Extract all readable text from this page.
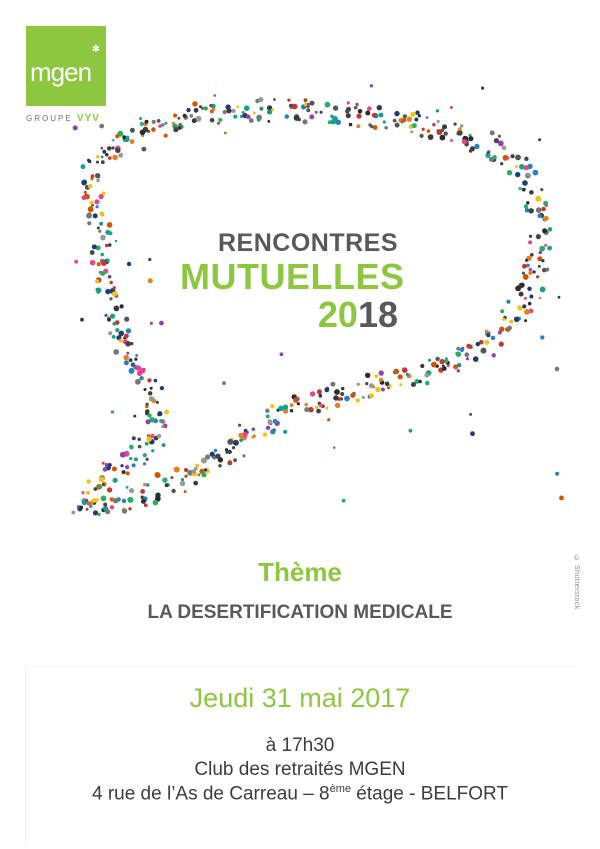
mgen
✱
GROUPE VYV
RENCONTRES
MUTUELLES
2018
© Shutterstock
Thème
LA DESERTIFICATION MEDICALE
Jeudi 31 mai 2017
à 17h30
Club des retraités MGEN
4 rue de l’As de Carreau – 8ème étage - BELFORT
